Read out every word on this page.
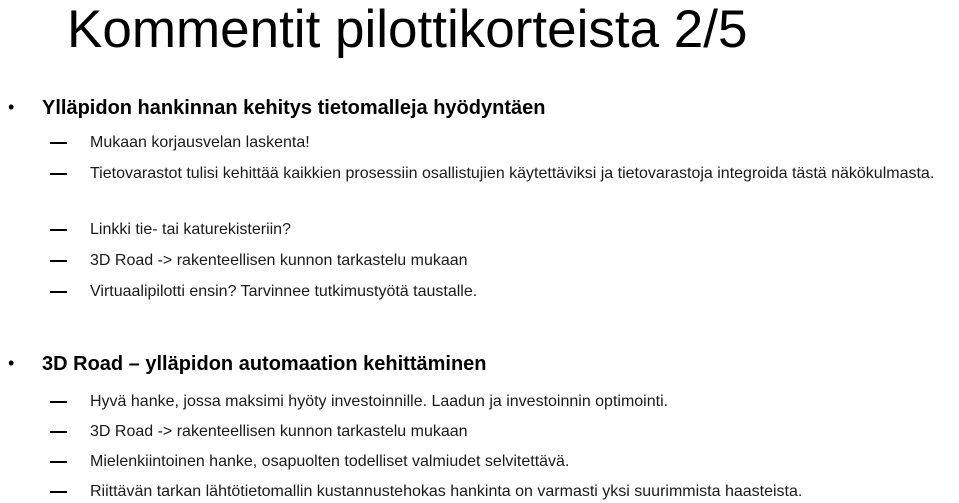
Kommentit pilottikorteista 2/5
• Ylläpidon hankinnan kehitys tietomalleja hyödyntäen
Mukaan korjausvelan laskenta!
Tietovarastot tulisi kehittää kaikkien prosessiin osallistujien käytettäviksi ja tietovarastoja integroida tästä näkökulmasta.
Linkki tie- tai katurekisteriin?
3D Road -> rakenteellisen kunnon tarkastelu mukaan
Virtuaalipilotti ensin? Tarvinnee tutkimustyötä taustalle.
• 3D Road – ylläpidon automaation kehittäminen
Hyvä hanke, jossa maksimi hyöty investoinnille. Laadun ja investoinnin optimointi.
3D Road -> rakenteellisen kunnon tarkastelu mukaan
Mielenkiintoinen hanke, osapuolten todelliset valmiudet selvitettävä.
Riittävän tarkan lähtötietomallin kustannustehokas hankinta on varmasti yksi suurimmista haasteista.
